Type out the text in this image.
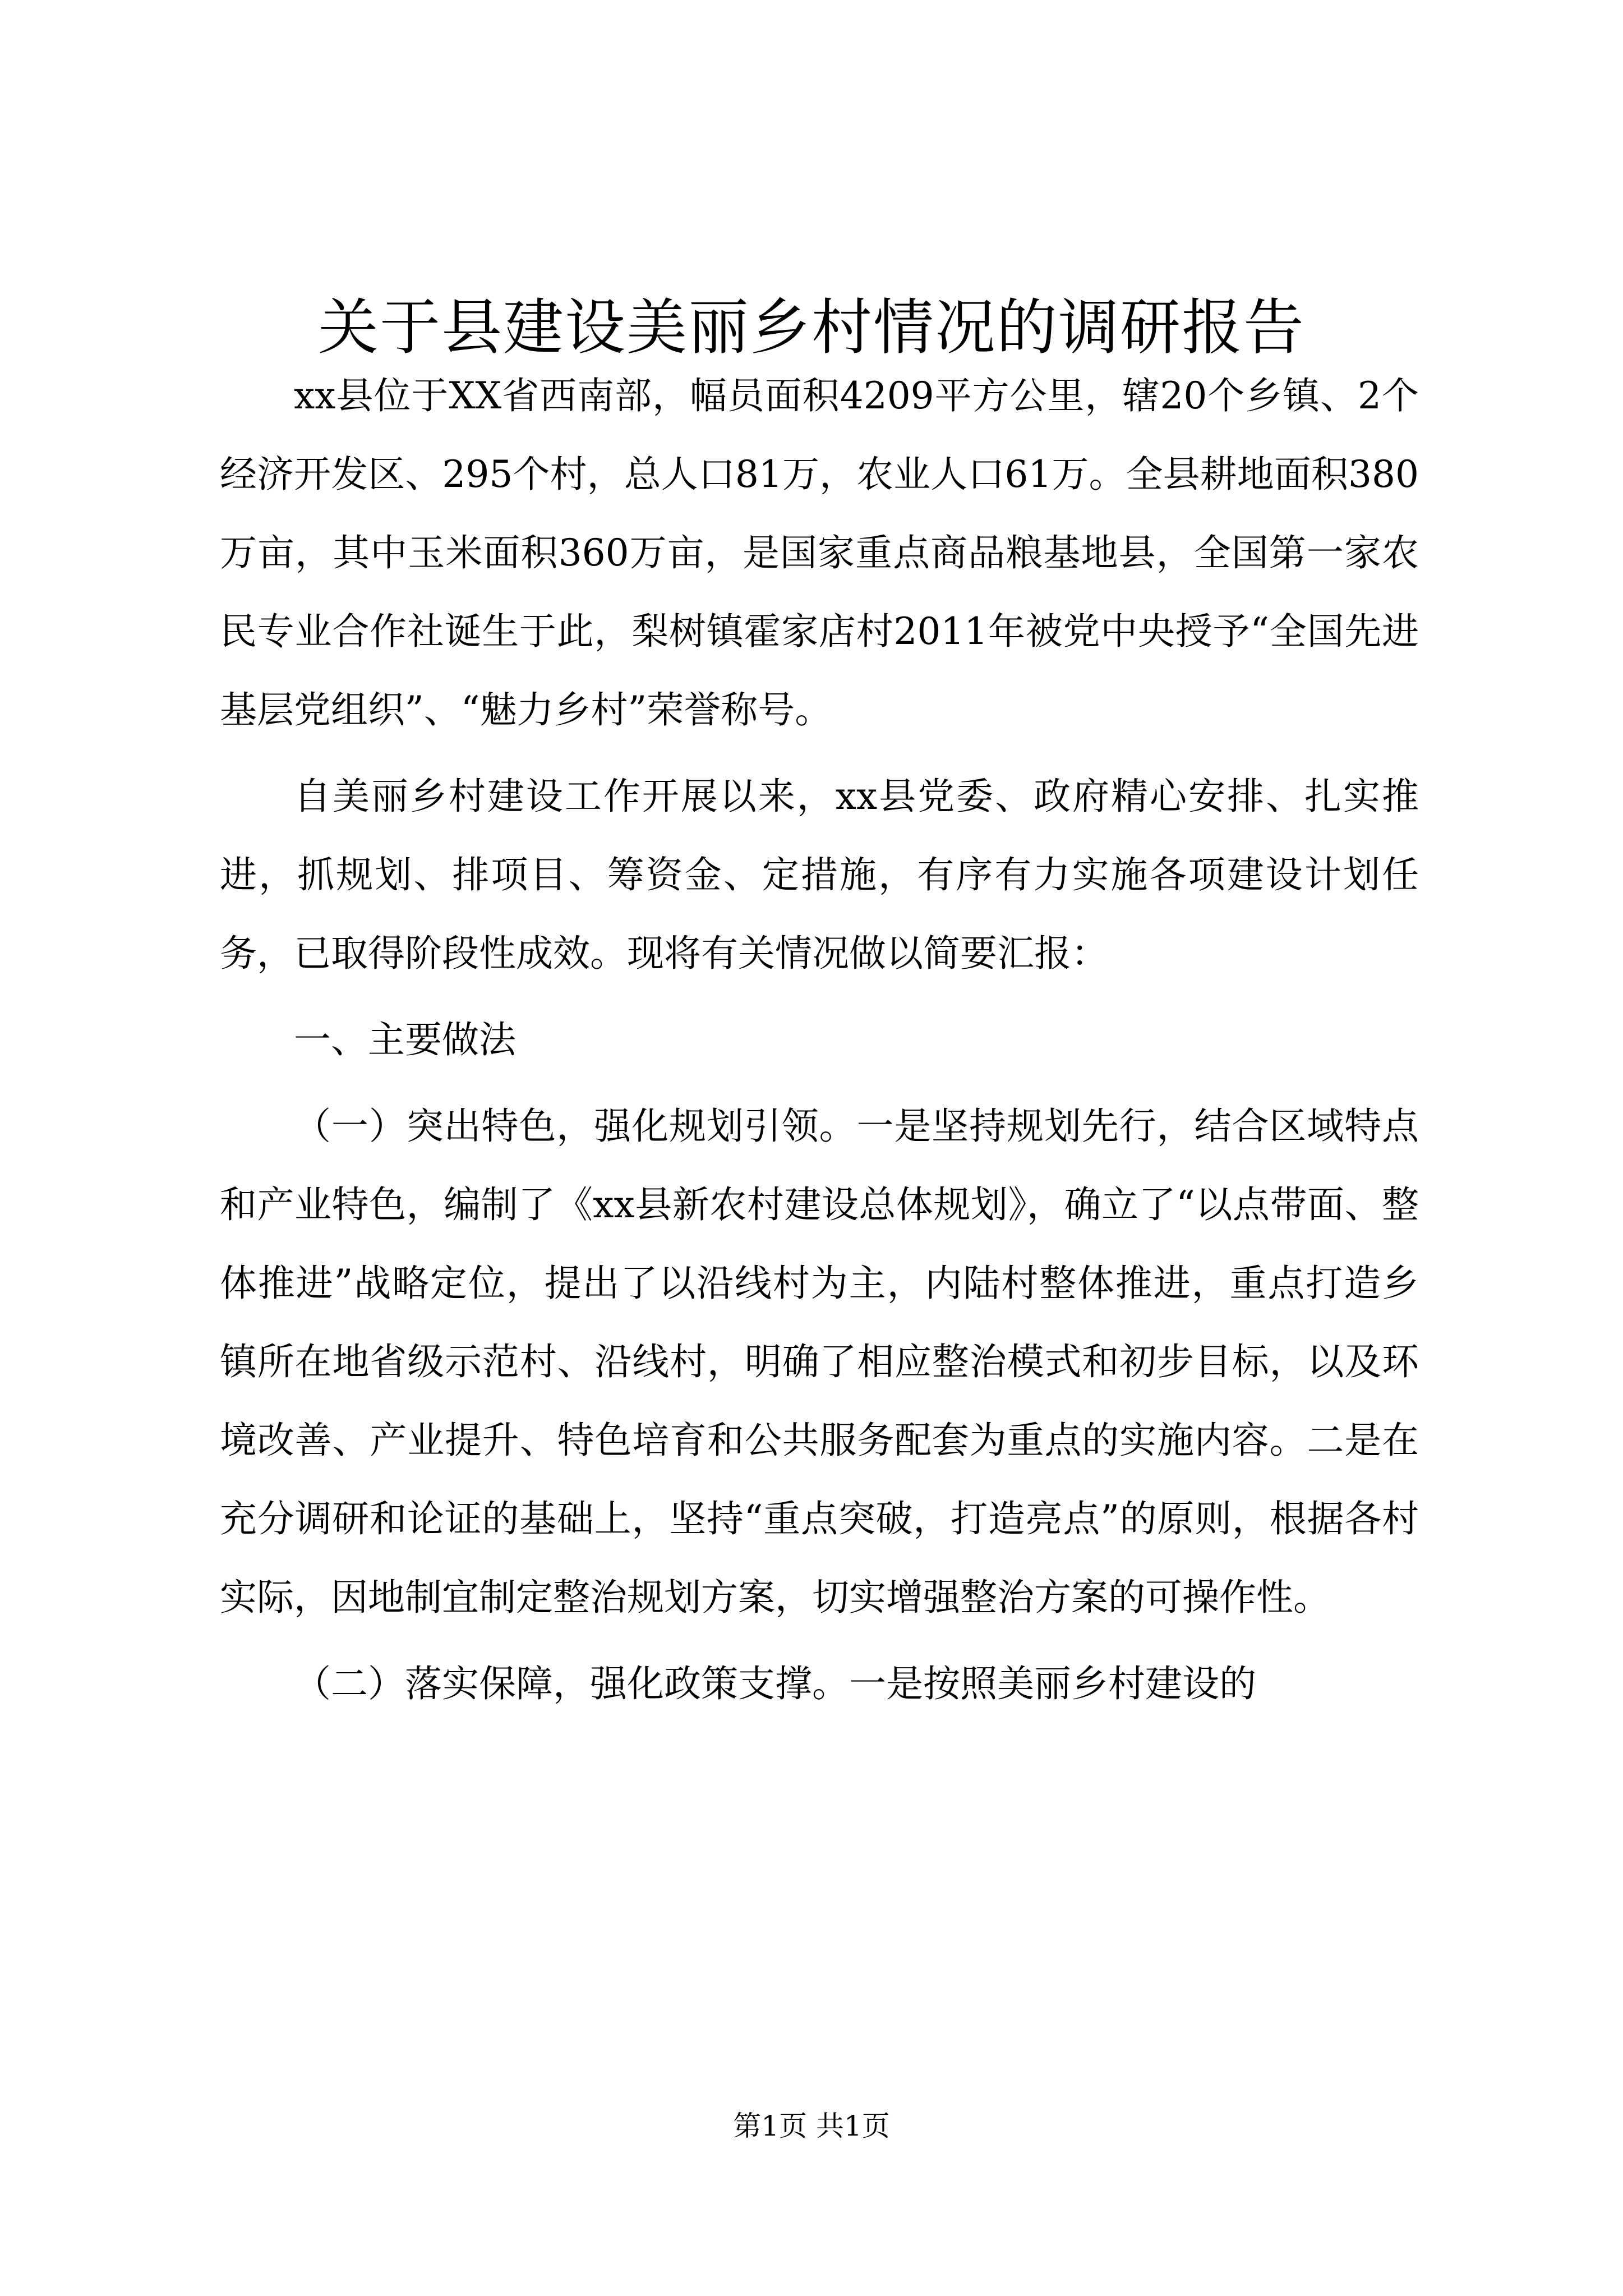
关于县建设美丽乡村情况的调研报告

xx县位于XX省西南部，幅员面积4209平方公里，辖20个乡镇、2个经济开发区、295个村，总人口81万，农业人口61万。全县耕地面积380万亩，其中玉米面积360万亩，是国家重点商品粮基地县，全国第一家农民专业合作社诞生于此，梨树镇霍家店村2011年被党中央授予“全国先进基层党组织”、“魅力乡村”荣誉称号。

自美丽乡村建设工作开展以来，xx县党委、政府精心安排、扎实推进，抓规划、排项目、筹资金、定措施，有序有力实施各项建设计划任务，已取得阶段性成效。现将有关情况做以简要汇报：

一、主要做法

（一）突出特色，强化规划引领。一是坚持规划先行，结合区域特点和产业特色，编制了《xx县新农村建设总体规划》，确立了“以点带面、整体推进”战略定位，提出了以沿线村为主，内陆村整体推进，重点打造乡镇所在地省级示范村、沿线村，明确了相应整治模式和初步目标，以及环境改善、产业提升、特色培育和公共服务配套为重点的实施内容。二是在充分调研和论证的基础上，坚持“重点突破，打造亮点”的原则，根据各村实际，因地制宜制定整治规划方案，切实增强整治方案的可操作性。

（二）落实保障，强化政策支撑。一是按照美丽乡村建设的

第1页 共1页
